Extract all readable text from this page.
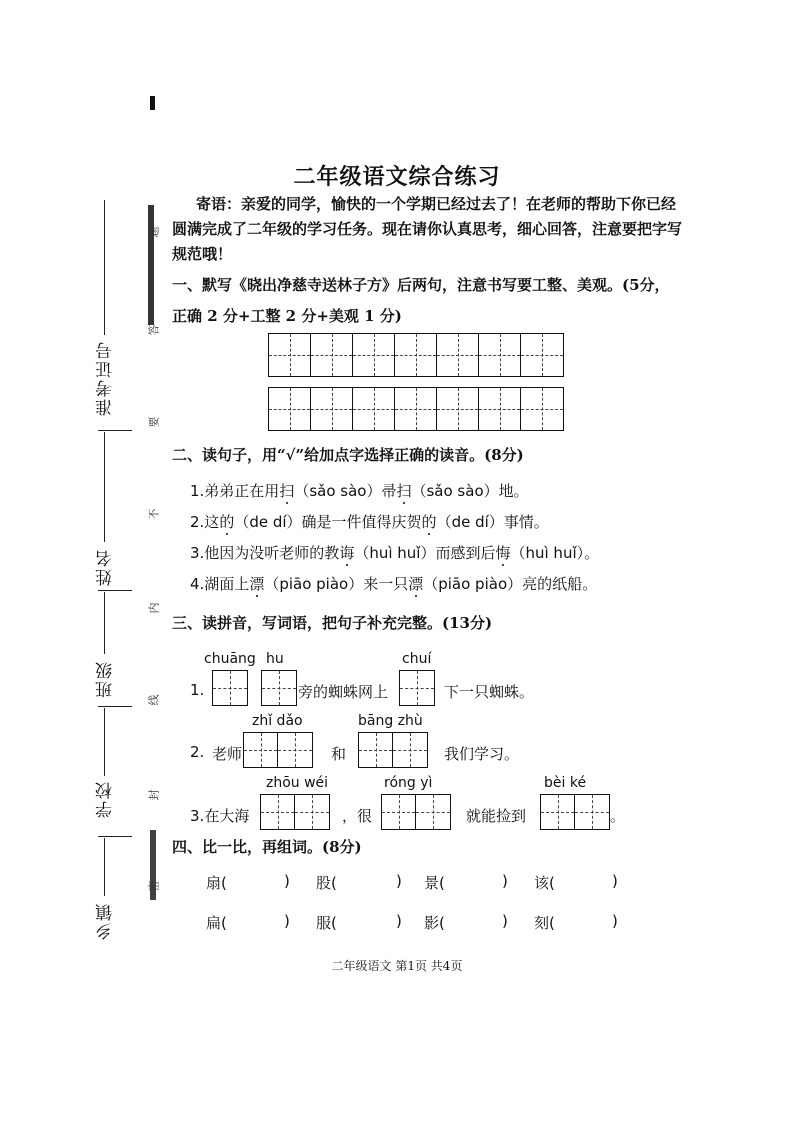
准考证号
姓名
班级
学校
乡镇
题
答
要
不
内
线
封
密
二年级语文综合练习
寄语：亲爱的同学，愉快的一个学期已经过去了！在老师的帮助下你已经
圆满完成了二年级的学习任务。现在请你认真思考，细心回答，注意要把字写
规范哦！
一、默写《晓出净慈寺送林子方》后两句，注意书写要工整、美观。(5分，
正确 2 分+工整 2 分+美观 1 分)
二、读句子，用“√”给加点字选择正确的读音。(8分)
1.弟弟正在用扫（sǎo sào）帚扫（sǎo sào）地。
2.这的（de dí）确是一件值得庆贺的（de dí）事情。
3.他因为没听老师的教诲（huì huǐ）而感到后悔（huì huǐ）。
4.湖面上漂（piāo piào）来一只漂（piāo piào）亮的纸船。
三、读拼音，写词语，把句子补充完整。(13分)
chuāng hu	chuí
1.	旁的蜘蛛网上	下一只蜘蛛。
zhǐ dǎo	bāng zhù
2. 老师	和	我们学习。
zhōu wéi	róng yì	bèi ké
3.在大海	，很	就能捡到	。
四、比一比，再组词。(8分)
扇(	) 股(	) 景(	) 该(	)
扁(	) 服(	) 影(	) 刻(	)
二年级语文 第1页 共4页
